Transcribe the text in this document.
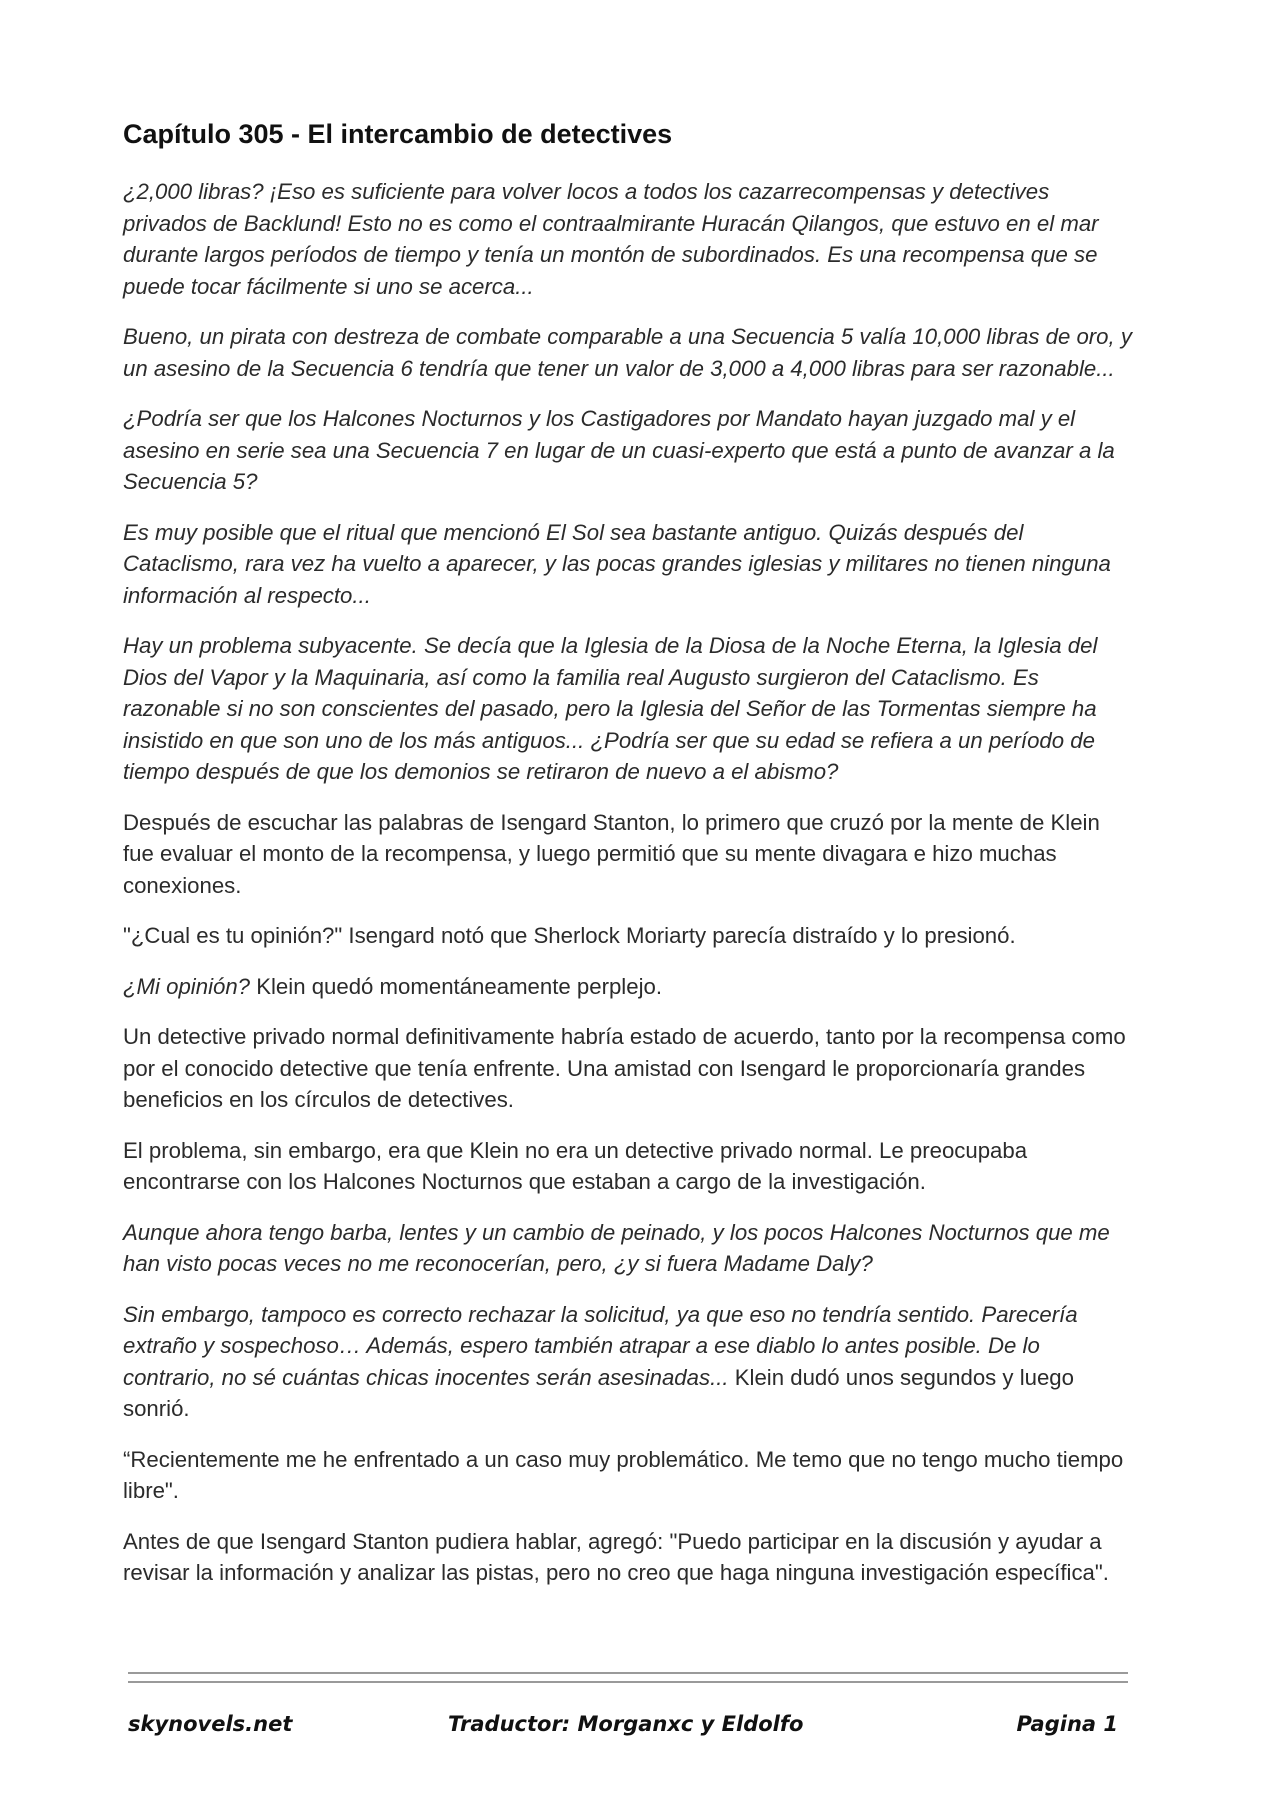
Capítulo 305 - El intercambio de detectives

¿2,000 libras? ¡Eso es suficiente para volver locos a todos los cazarrecompensas y detectives privados de Backlund! Esto no es como el contraalmirante Huracán Qilangos, que estuvo en el mar durante largos períodos de tiempo y tenía un montón de subordinados. Es una recompensa que se puede tocar fácilmente si uno se acerca...

Bueno, un pirata con destreza de combate comparable a una Secuencia 5 valía 10,000 libras de oro, y un asesino de la Secuencia 6 tendría que tener un valor de 3,000 a 4,000 libras para ser razonable...

¿Podría ser que los Halcones Nocturnos y los Castigadores por Mandato hayan juzgado mal y el asesino en serie sea una Secuencia 7 en lugar de un cuasi-experto que está a punto de avanzar a la Secuencia 5?

Es muy posible que el ritual que mencionó El Sol sea bastante antiguo. Quizás después del Cataclismo, rara vez ha vuelto a aparecer, y las pocas grandes iglesias y militares no tienen ninguna información al respecto...

Hay un problema subyacente. Se decía que la Iglesia de la Diosa de la Noche Eterna, la Iglesia del Dios del Vapor y la Maquinaria, así como la familia real Augusto surgieron del Cataclismo. Es razonable si no son conscientes del pasado, pero la Iglesia del Señor de las Tormentas siempre ha insistido en que son uno de los más antiguos... ¿Podría ser que su edad se refiera a un período de tiempo después de que los demonios se retiraron de nuevo a el abismo?

Después de escuchar las palabras de Isengard Stanton, lo primero que cruzó por la mente de Klein fue evaluar el monto de la recompensa, y luego permitió que su mente divagara e hizo muchas conexiones.

"¿Cual es tu opinión?" Isengard notó que Sherlock Moriarty parecía distraído y lo presionó.

¿Mi opinión? Klein quedó momentáneamente perplejo.

Un detective privado normal definitivamente habría estado de acuerdo, tanto por la recompensa como por el conocido detective que tenía enfrente. Una amistad con Isengard le proporcionaría grandes beneficios en los círculos de detectives.

El problema, sin embargo, era que Klein no era un detective privado normal. Le preocupaba encontrarse con los Halcones Nocturnos que estaban a cargo de la investigación.

Aunque ahora tengo barba, lentes y un cambio de peinado, y los pocos Halcones Nocturnos que me han visto pocas veces no me reconocerían, pero, ¿y si fuera Madame Daly?

Sin embargo, tampoco es correcto rechazar la solicitud, ya que eso no tendría sentido. Parecería extraño y sospechoso… Además, espero también atrapar a ese diablo lo antes posible. De lo contrario, no sé cuántas chicas inocentes serán asesinadas... Klein dudó unos segundos y luego sonrió.

“Recientemente me he enfrentado a un caso muy problemático. Me temo que no tengo mucho tiempo libre".

Antes de que Isengard Stanton pudiera hablar, agregó: "Puedo participar en la discusión y ayudar a revisar la información y analizar las pistas, pero no creo que haga ninguna investigación específica".

skynovels.net	Traductor: Morganxc y Eldolfo	Pagina 1
